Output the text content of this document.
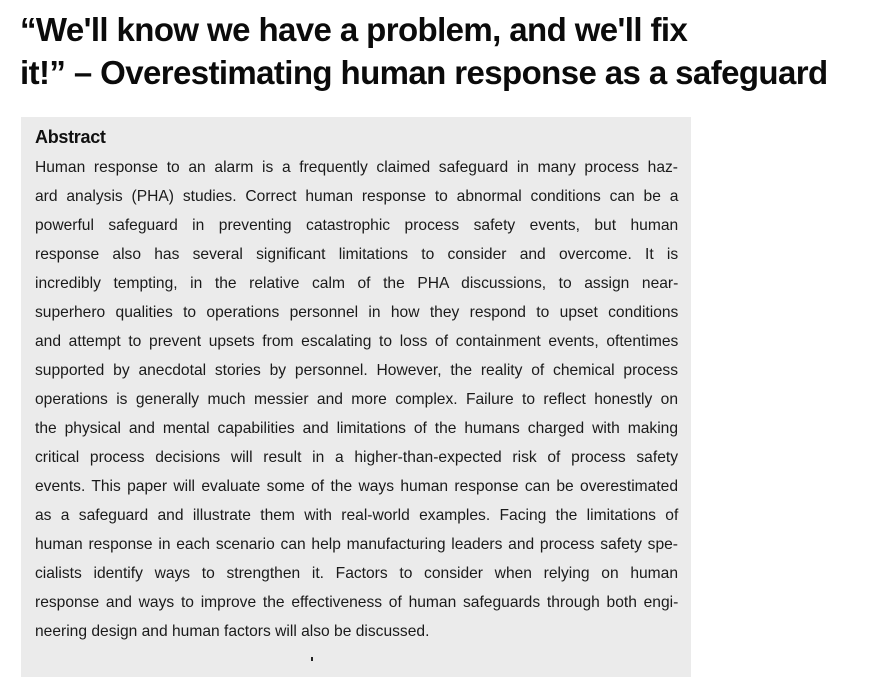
“We'll know we have a problem, and we'll fix
it!” – Overestimating human response as a safeguard
Abstract

Human response to an alarm is a frequently claimed safeguard in many process haz-
ard analysis (PHA) studies. Correct human response to abnormal conditions can be a
powerful safeguard in preventing catastrophic process safety events, but human
response also has several significant limitations to consider and overcome. It is
incredibly tempting, in the relative calm of the PHA discussions, to assign near-
superhero qualities to operations personnel in how they respond to upset conditions
and attempt to prevent upsets from escalating to loss of containment events, oftentimes
supported by anecdotal stories by personnel. However, the reality of chemical process
operations is generally much messier and more complex. Failure to reflect honestly on
the physical and mental capabilities and limitations of the humans charged with making
critical process decisions will result in a higher-than-expected risk of process safety
events. This paper will evaluate some of the ways human response can be overestimated
as a safeguard and illustrate them with real-world examples. Facing the limitations of
human response in each scenario can help manufacturing leaders and process safety spe-
cialists identify ways to strengthen it. Factors to consider when relying on human
response and ways to improve the effectiveness of human safeguards through both engi-
neering design and human factors will also be discussed.
